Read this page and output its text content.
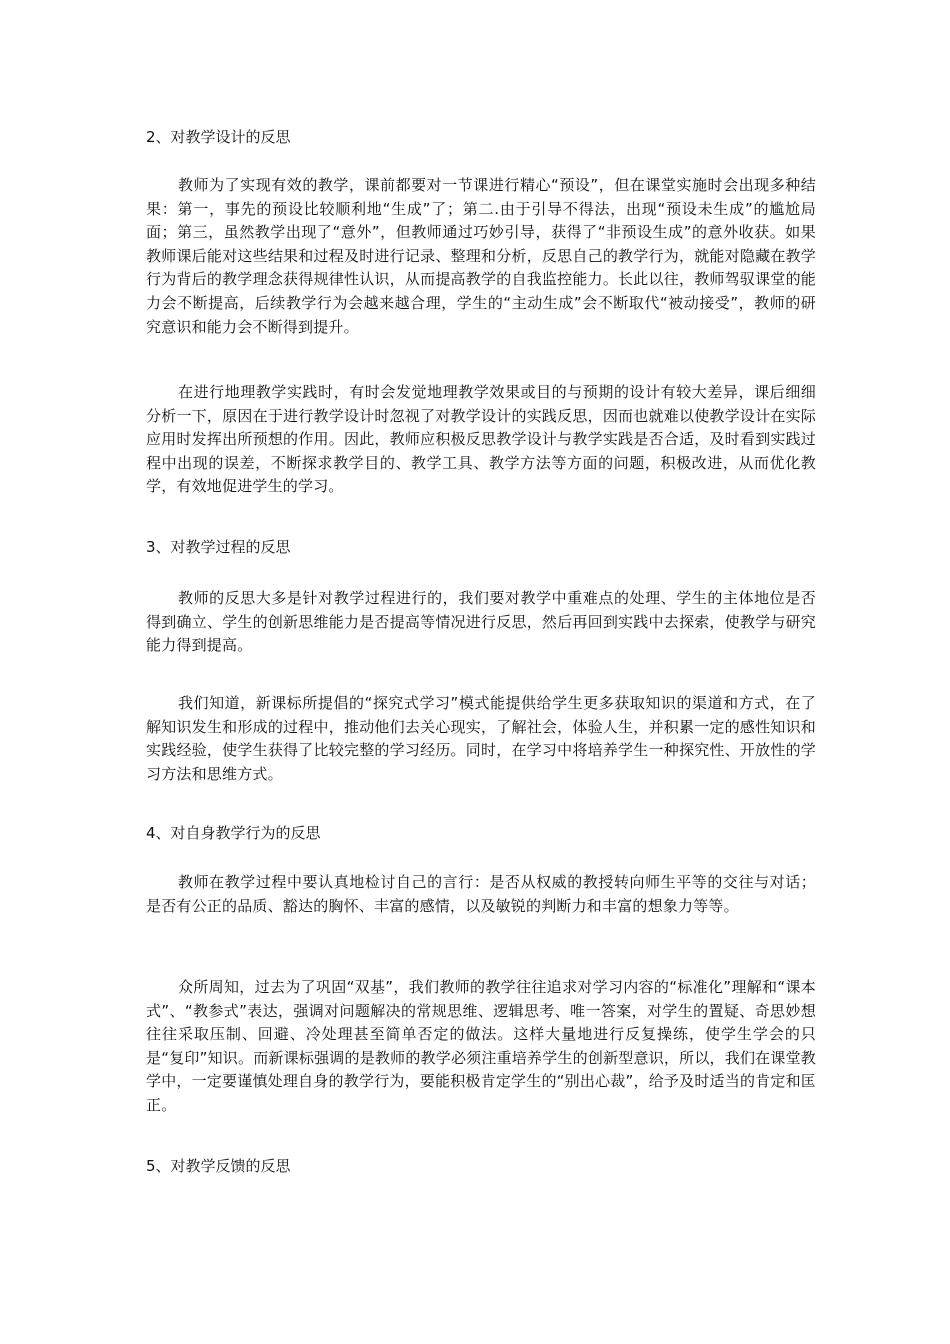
2、对教学设计的反思

教师为了实现有效的教学，课前都要对一节课进行精心“预设”，但在课堂实施时会出现多种结果：第一，事先的预设比较顺利地“生成”了；第二.由于引导不得法，出现“预设未生成”的尴尬局面；第三，虽然教学出现了“意外”，但教师通过巧妙引导，获得了“非预设生成”的意外收获。如果教师课后能对这些结果和过程及时进行记录、整理和分析，反思自己的教学行为，就能对隐藏在教学行为背后的教学理念获得规律性认识，从而提高教学的自我监控能力。长此以往，教师驾驭课堂的能力会不断提高，后续教学行为会越来越合理，学生的“主动生成”会不断取代“被动接受”，教师的研究意识和能力会不断得到提升。

在进行地理教学实践时，有时会发觉地理教学效果或目的与预期的设计有较大差异，课后细细分析一下，原因在于进行教学设计时忽视了对教学设计的实践反思，因而也就难以使教学设计在实际应用时发挥出所预想的作用。因此，教师应积极反思教学设计与教学实践是否合适，及时看到实践过程中出现的误差，不断探求教学目的、教学工具、教学方法等方面的问题，积极改进，从而优化教学，有效地促进学生的学习。

3、对教学过程的反思

教师的反思大多是针对教学过程进行的，我们要对教学中重难点的处理、学生的主体地位是否得到确立、学生的创新思维能力是否提高等情况进行反思，然后再回到实践中去探索，使教学与研究能力得到提高。

我们知道，新课标所提倡的“探究式学习”模式能提供给学生更多获取知识的渠道和方式，在了解知识发生和形成的过程中，推动他们去关心现实，了解社会，体验人生，并积累一定的感性知识和实践经验，使学生获得了比较完整的学习经历。同时，在学习中将培养学生一种探究性、开放性的学习方法和思维方式。

4、对自身教学行为的反思

教师在教学过程中要认真地检讨自己的言行：是否从权威的教授转向师生平等的交往与对话；是否有公正的品质、豁达的胸怀、丰富的感情，以及敏锐的判断力和丰富的想象力等等。

众所周知，过去为了巩固“双基”，我们教师的教学往往追求对学习内容的“标准化”理解和“课本式”、“教参式”表达，强调对问题解决的常规思维、逻辑思考、唯一答案，对学生的置疑、奇思妙想往往采取压制、回避、冷处理甚至简单否定的做法。这样大量地进行反复操练，使学生学会的只是“复印”知识。而新课标强调的是教师的教学必须注重培养学生的创新型意识，所以，我们在课堂教学中，一定要谨慎处理自身的教学行为，要能积极肯定学生的“别出心裁”，给予及时适当的肯定和匡正。

5、对教学反馈的反思
